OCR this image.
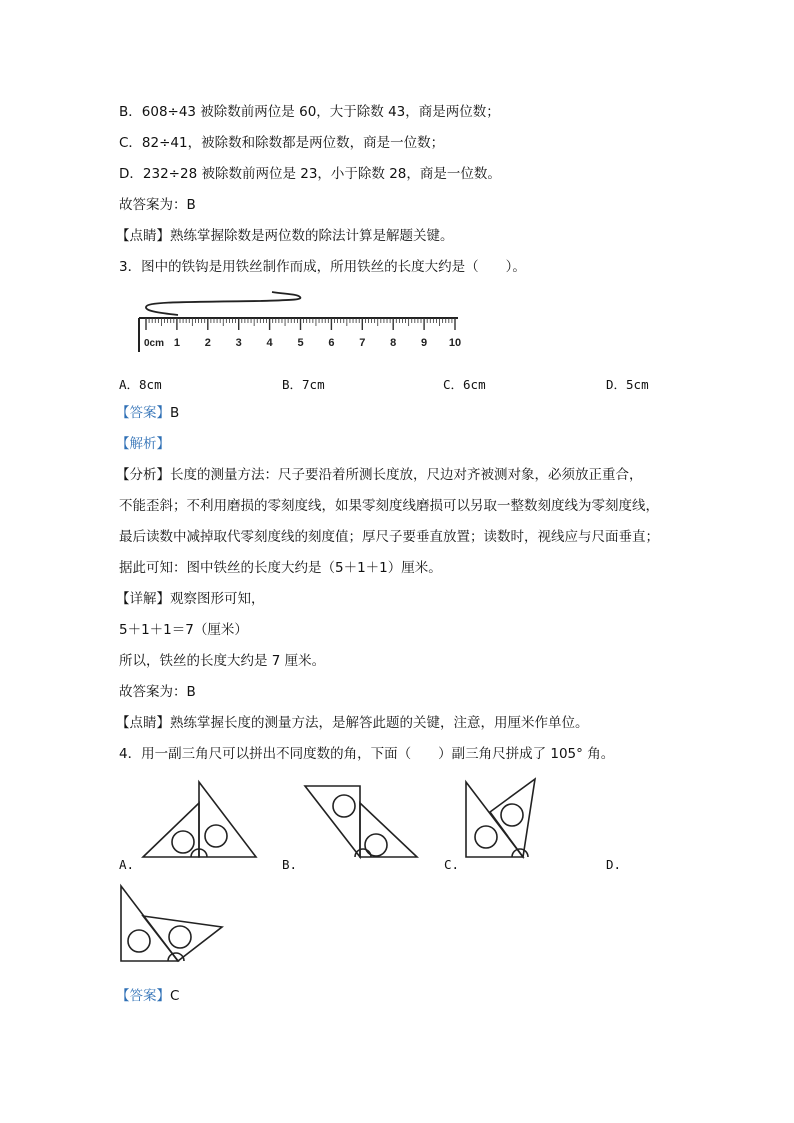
B．608÷43 被除数前两位是 60，大于除数 43，商是两位数；
C．82÷41，被除数和除数都是两位数，商是一位数；
D．232÷28 被除数前两位是 23，小于除数 28，商是一位数。
故答案为：B
【点睛】熟练掌握除数是两位数的除法计算是解题关键。
3．图中的铁钩是用铁丝制作而成，所用铁丝的长度大约是（　　）。
0cm 1 2 3 4 5 6 7 8 9 10
A．8cm	B．7cm	C．6cm	D．5cm
【答案】B
【解析】
【分析】长度的测量方法：尺子要沿着所测长度放，尺边对齐被测对象，必须放正重合，
不能歪斜；不利用磨损的零刻度线，如果零刻度线磨损可以另取一整数刻度线为零刻度线，
最后读数中减掉取代零刻度线的刻度值；厚尺子要垂直放置；读数时，视线应与尺面垂直；
据此可知：图中铁丝的长度大约是（5＋1＋1）厘米。
【详解】观察图形可知，
5＋1＋1＝7（厘米）
所以，铁丝的长度大约是 7 厘米。
故答案为：B
【点睛】熟练掌握长度的测量方法，是解答此题的关键，注意，用厘米作单位。
4．用一副三角尺可以拼出不同度数的角，下面（　　）副三角尺拼成了 105° 角。
A.	B.	C.	D.
【答案】C
